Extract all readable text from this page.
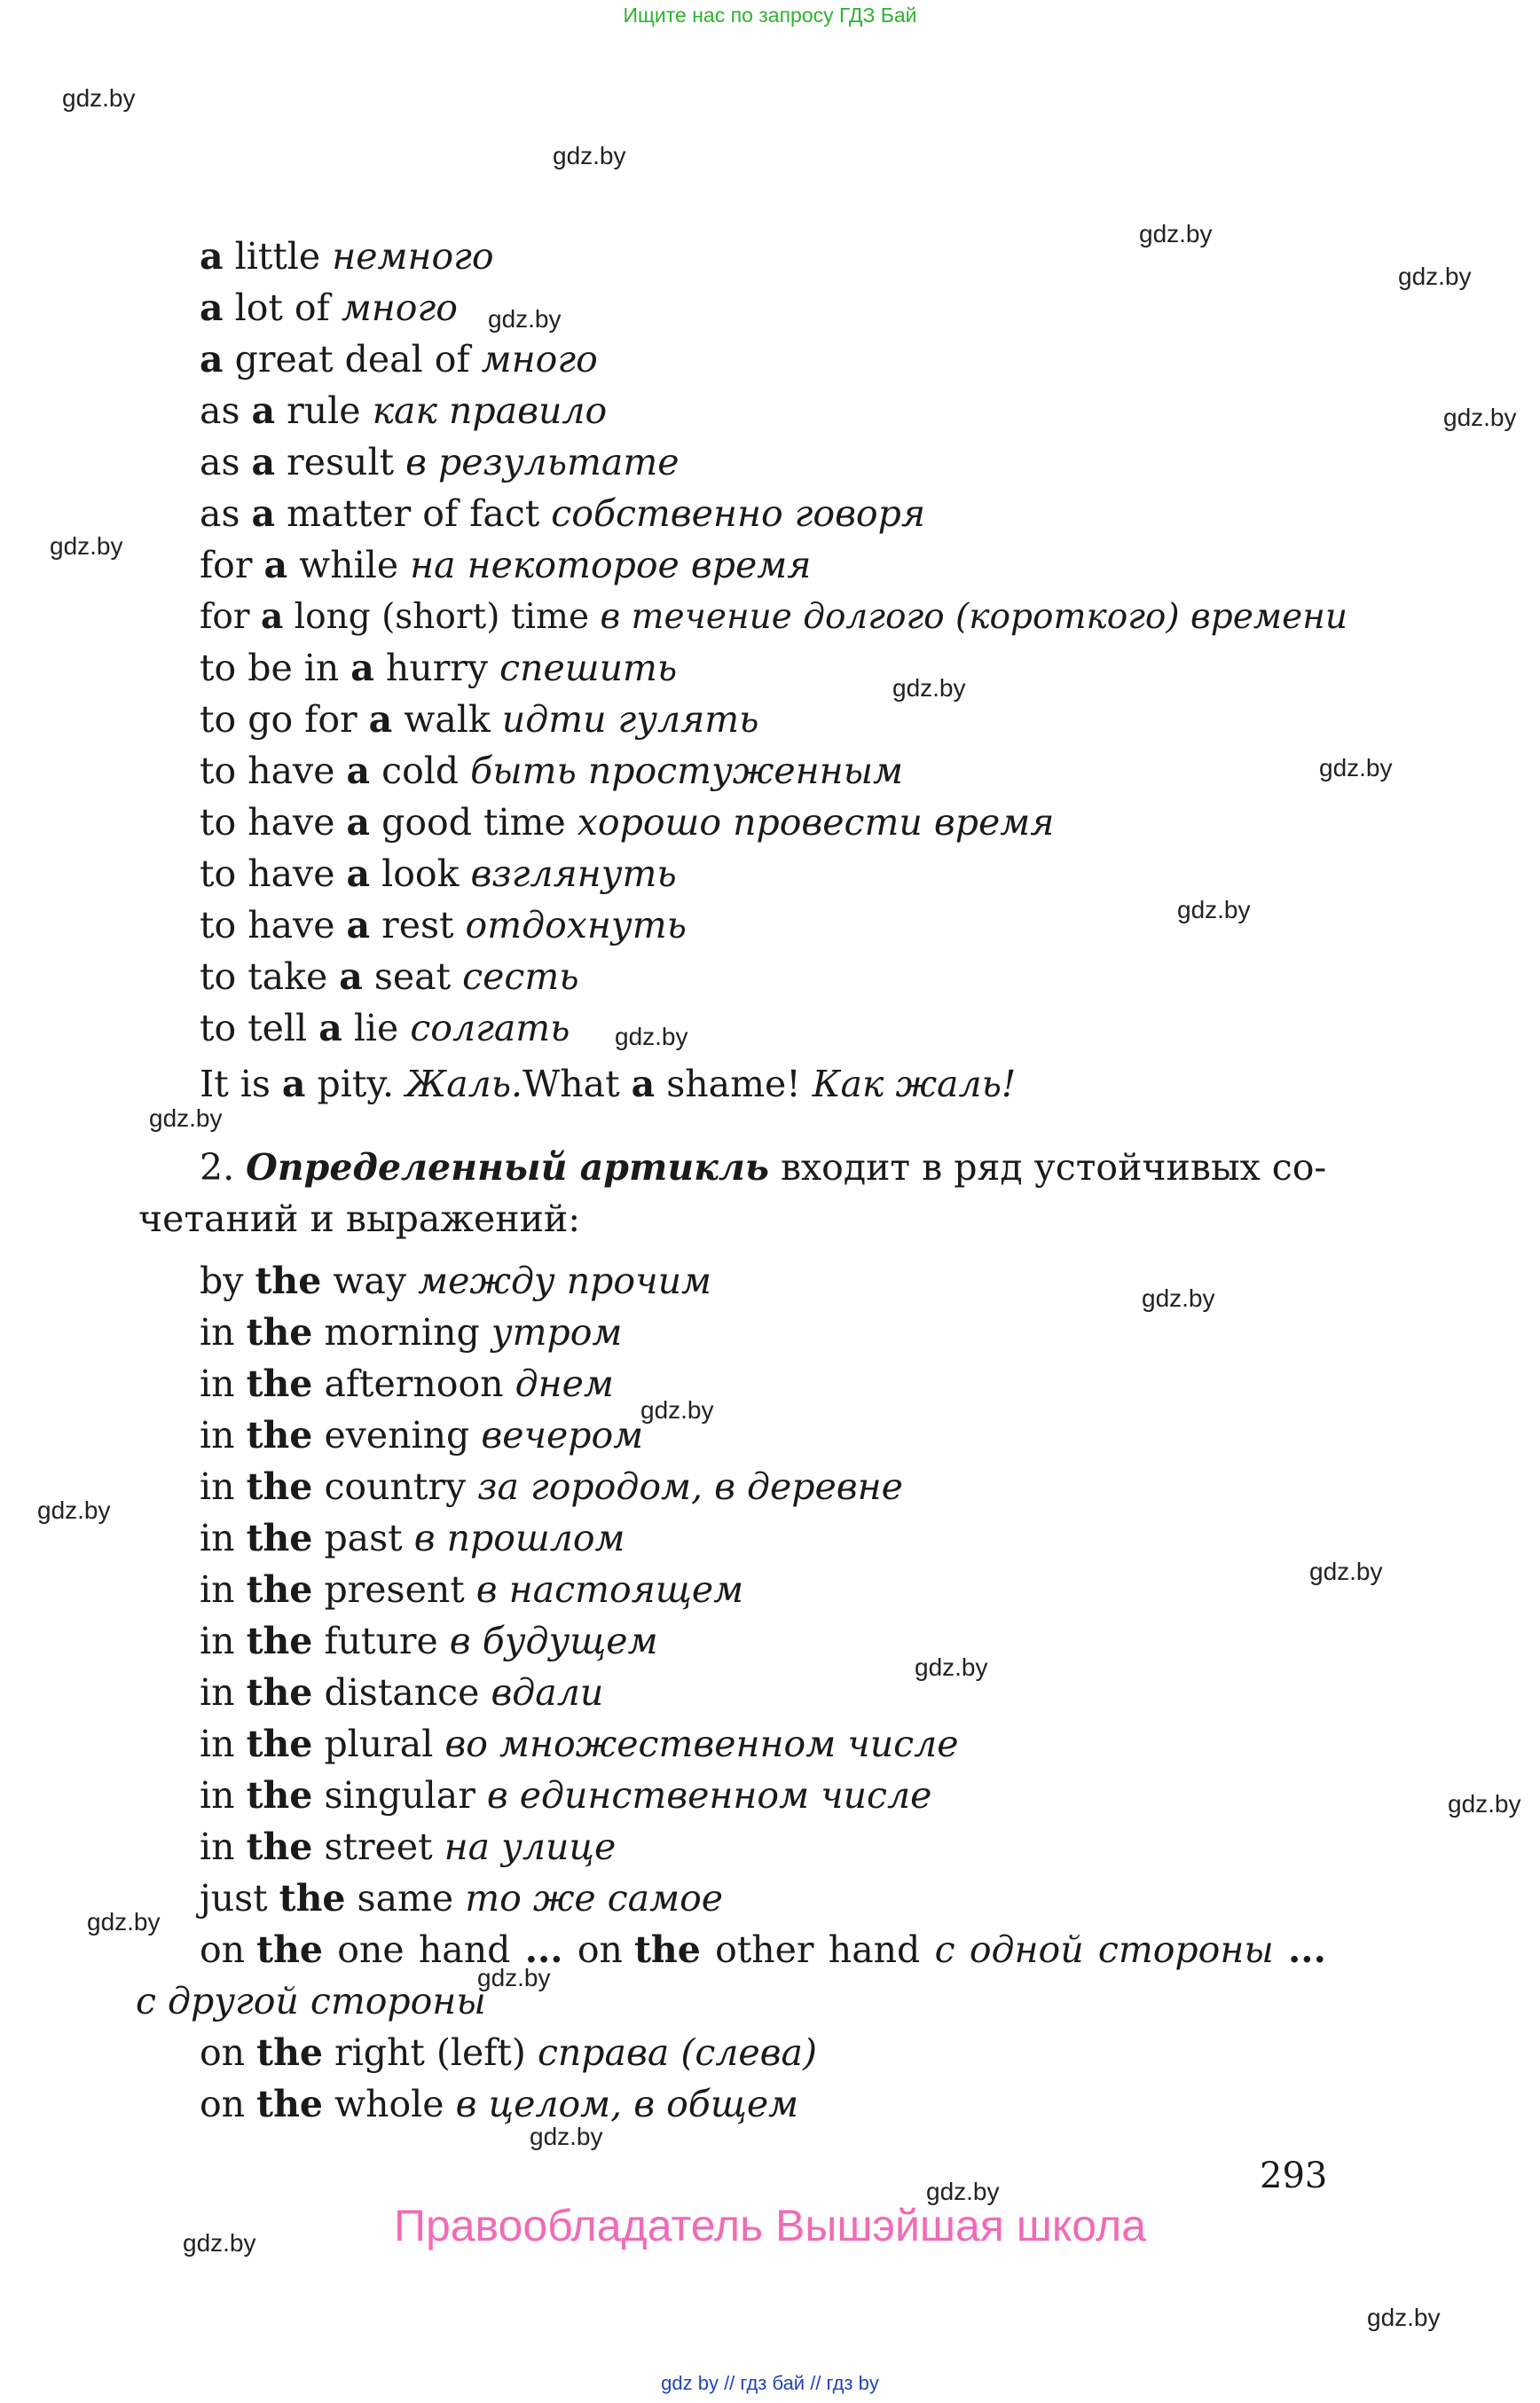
Ищите нас по запросу ГДЗ Бай
gdz.by
gdz.by
gdz.by
gdz.by
gdz.by
gdz.by
gdz.by
gdz.by
gdz.by
gdz.by
gdz.by
gdz.by
gdz.by
gdz.by
gdz.by
gdz.by
gdz.by
gdz.by
gdz.by
gdz.by
gdz.by
gdz.by
gdz.by
gdz.by
a little немного
a lot of много
a great deal of много
as a rule как правило
as a result в результате
as a matter of fact собственно говоря
for a while на некоторое время
for a long (short) time в течение долгого (короткого) времени
to be in a hurry спешить
to go for a walk идти гулять
to have a cold быть простуженным
to have a good time хорошо провести время
to have a look взглянуть
to have a rest отдохнуть
to take a seat сесть
to tell a lie солгать
It is a pity. Жаль.What a shame! Как жаль!
2. Определенный артикль входит в ряд устойчивых со-
четаний и выражений:
by the way между прочим
in the morning утром
in the afternoon днем
in the evening вечером
in the country за городом, в деревне
in the past в прошлом
in the present в настоящем
in the future в будущем
in the distance вдали
in the plural во множественном числе
in the singular в единственном числе
in the street на улице
just the same то же самое
on the one hand ... on the other hand с одной стороны ...
с другой стороны
on the right (left) справа (слева)
on the whole в целом, в общем
293
Правообладатель Вышэйшая школа
gdz by // гдз бай // гдз by
